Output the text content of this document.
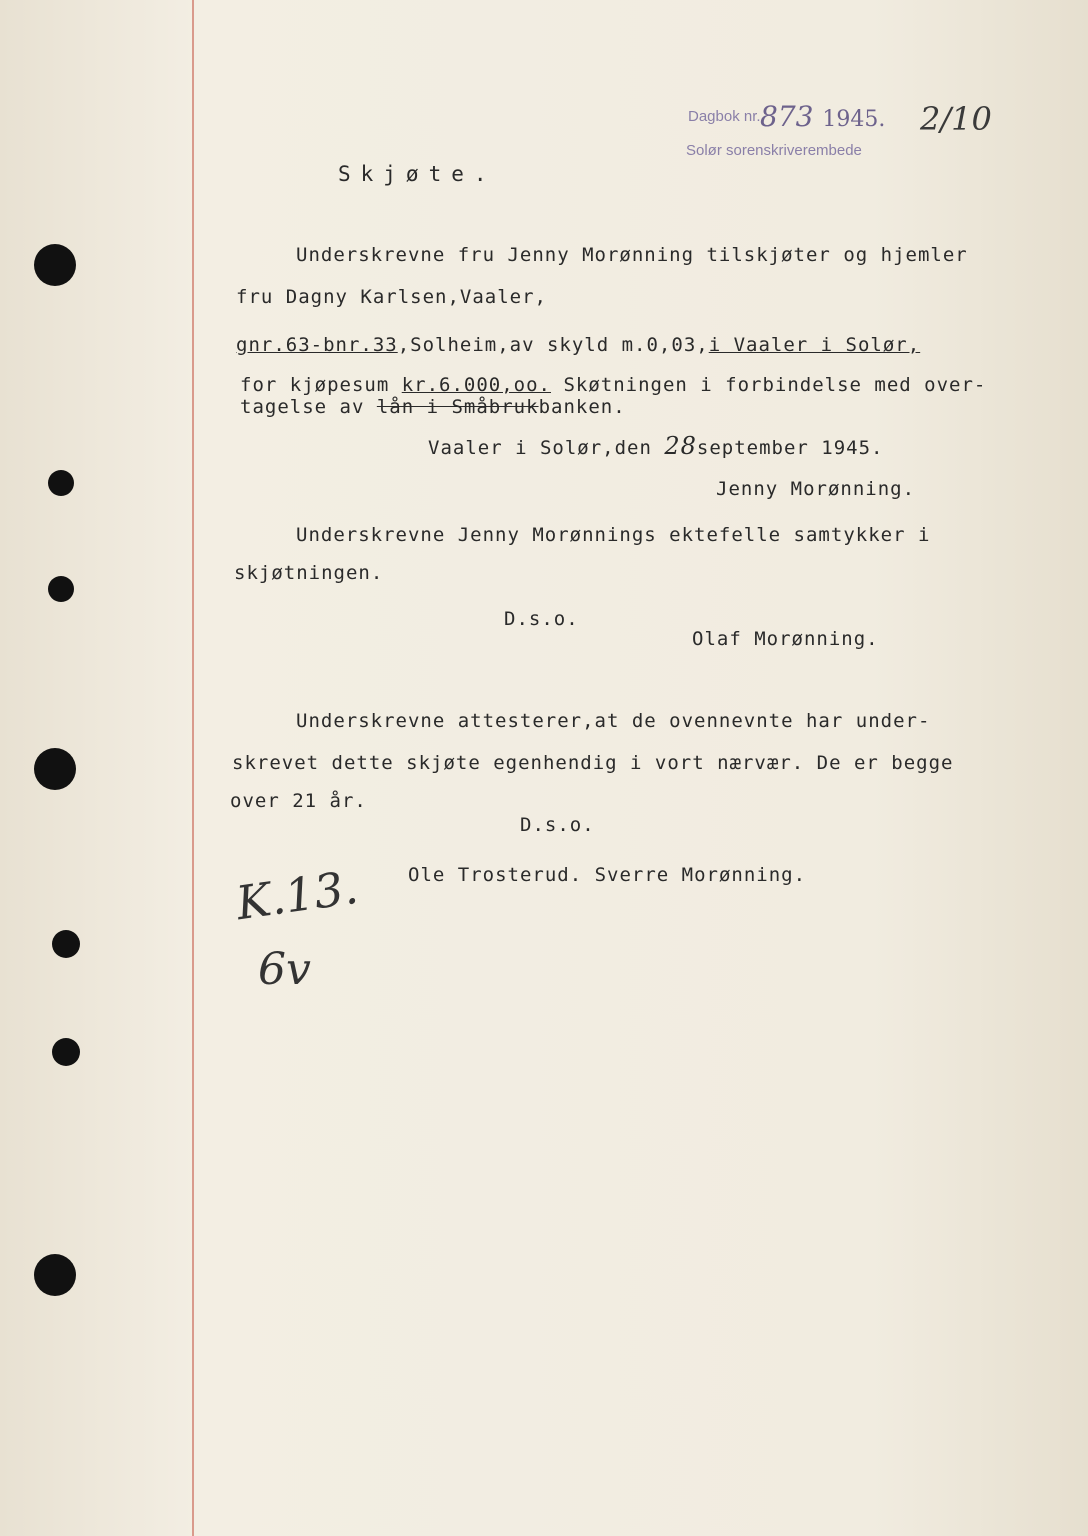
Dagbok nr. 873 1945. 2/10
Solør sorenskriverembede
Skjøte.
Underskrevne fru Jenny Morønning tilskjøter og hjemler
fru Dagny Karlsen,Vaaler,
gnr.63-bnr.33,Solheim,av skyld m.0,03,i Vaaler i Solør,
for kjøpesum kr.6.000,oo. Skøtningen i forbindelse med over-
tagelse av lån i Småbrukbanken.
Vaaler i Solør,den 28september 1945.
Jenny Morønning.
Underskrevne Jenny Morønnings ektefelle samtykker i
skjøtningen.
D.s.o.
Olaf Morønning.
Underskrevne attesterer,at de ovennevnte har under-
skrevet dette skjøte egenhendig i vort nærvær. De er begge
over 21 år.
D.s.o.
Ole Trosterud. Sverre Morønning.
K.13.
6v
